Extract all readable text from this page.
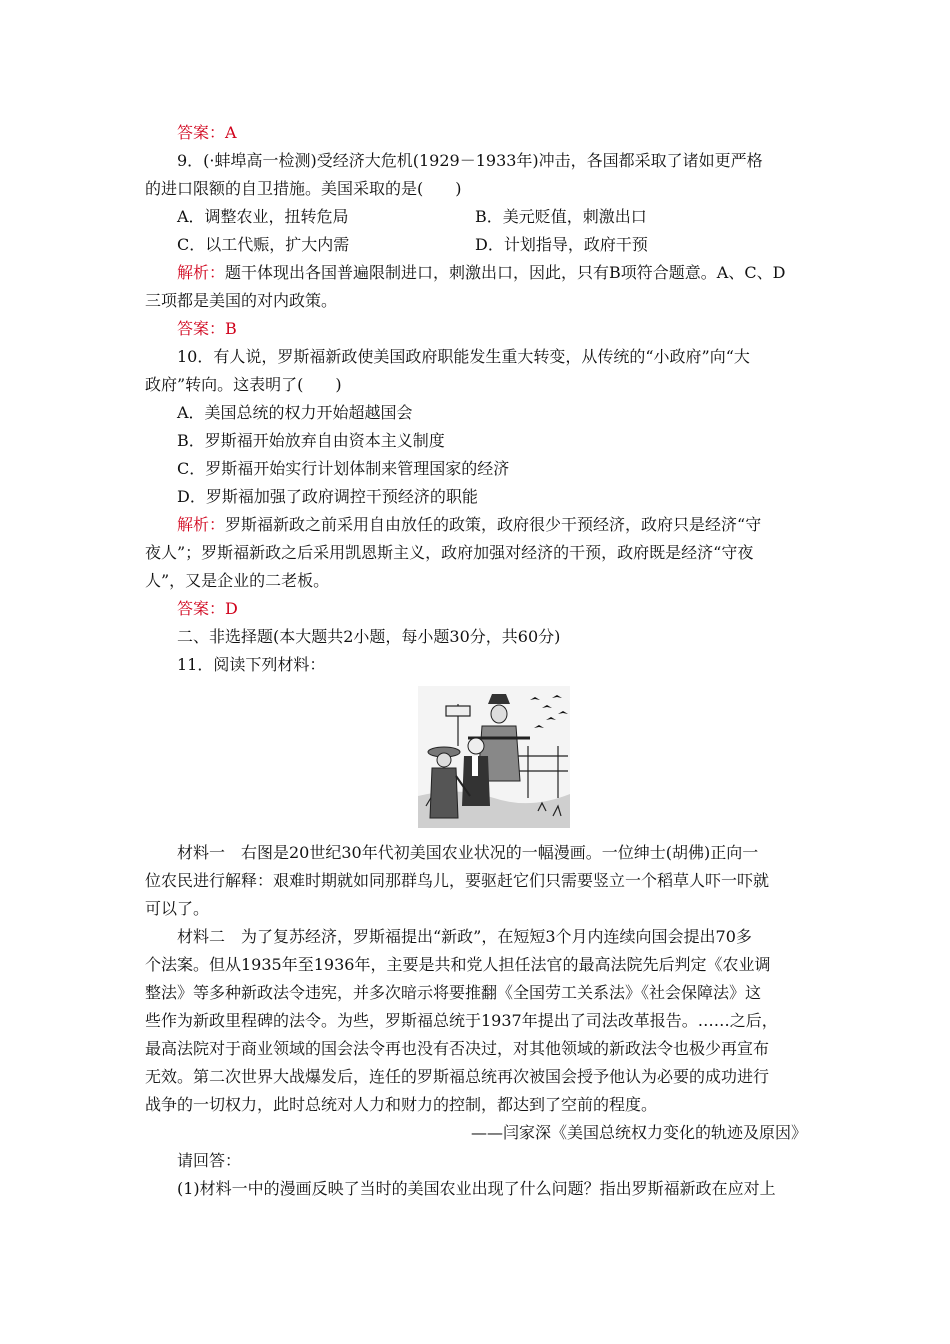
答案：A
9．(·蚌埠高一检测)受经济大危机(1929－1933年)冲击，各国都采取了诸如更严格
的进口限额的自卫措施。美国采取的是(　　)
A．调整农业，扭转危局	B．美元贬值，刺激出口
C．以工代赈，扩大内需	D．计划指导，政府干预
解析：题干体现出各国普遍限制进口，刺激出口，因此，只有B项符合题意。A、C、D
三项都是美国的对内政策。
答案：B
10．有人说，罗斯福新政使美国政府职能发生重大转变，从传统的“小政府”向“大
政府”转向。这表明了(　　)
A．美国总统的权力开始超越国会
B．罗斯福开始放弃自由资本主义制度
C．罗斯福开始实行计划体制来管理国家的经济
D．罗斯福加强了政府调控干预经济的职能
解析：罗斯福新政之前采用自由放任的政策，政府很少干预经济，政府只是经济“守
夜人”；罗斯福新政之后采用凯恩斯主义，政府加强对经济的干预，政府既是经济“守夜
人”，又是企业的二老板。
答案：D
二、非选择题(本大题共2小题，每小题30分，共60分)
11．阅读下列材料：
材料一　右图是20世纪30年代初美国农业状况的一幅漫画。一位绅士(胡佛)正向一
位农民进行解释：艰难时期就如同那群鸟儿，要驱赶它们只需要竖立一个稻草人吓一吓就
可以了。
材料二　为了复苏经济，罗斯福提出“新政”，在短短3个月内连续向国会提出70多
个法案。但从1935年至1936年，主要是共和党人担任法官的最高法院先后判定《农业调
整法》等多种新政法令违宪，并多次暗示将要推翻《全国劳工关系法》《社会保障法》这
些作为新政里程碑的法令。为些，罗斯福总统于1937年提出了司法改革报告。……之后，
最高法院对于商业领域的国会法令再也没有否决过，对其他领域的新政法令也极少再宣布
无效。第二次世界大战爆发后，连任的罗斯福总统再次被国会授予他认为必要的成功进行
战争的一切权力，此时总统对人力和财力的控制，都达到了空前的程度。
——闫家深《美国总统权力变化的轨迹及原因》
请回答：
(1)材料一中的漫画反映了当时的美国农业出现了什么问题？指出罗斯福新政在应对上
